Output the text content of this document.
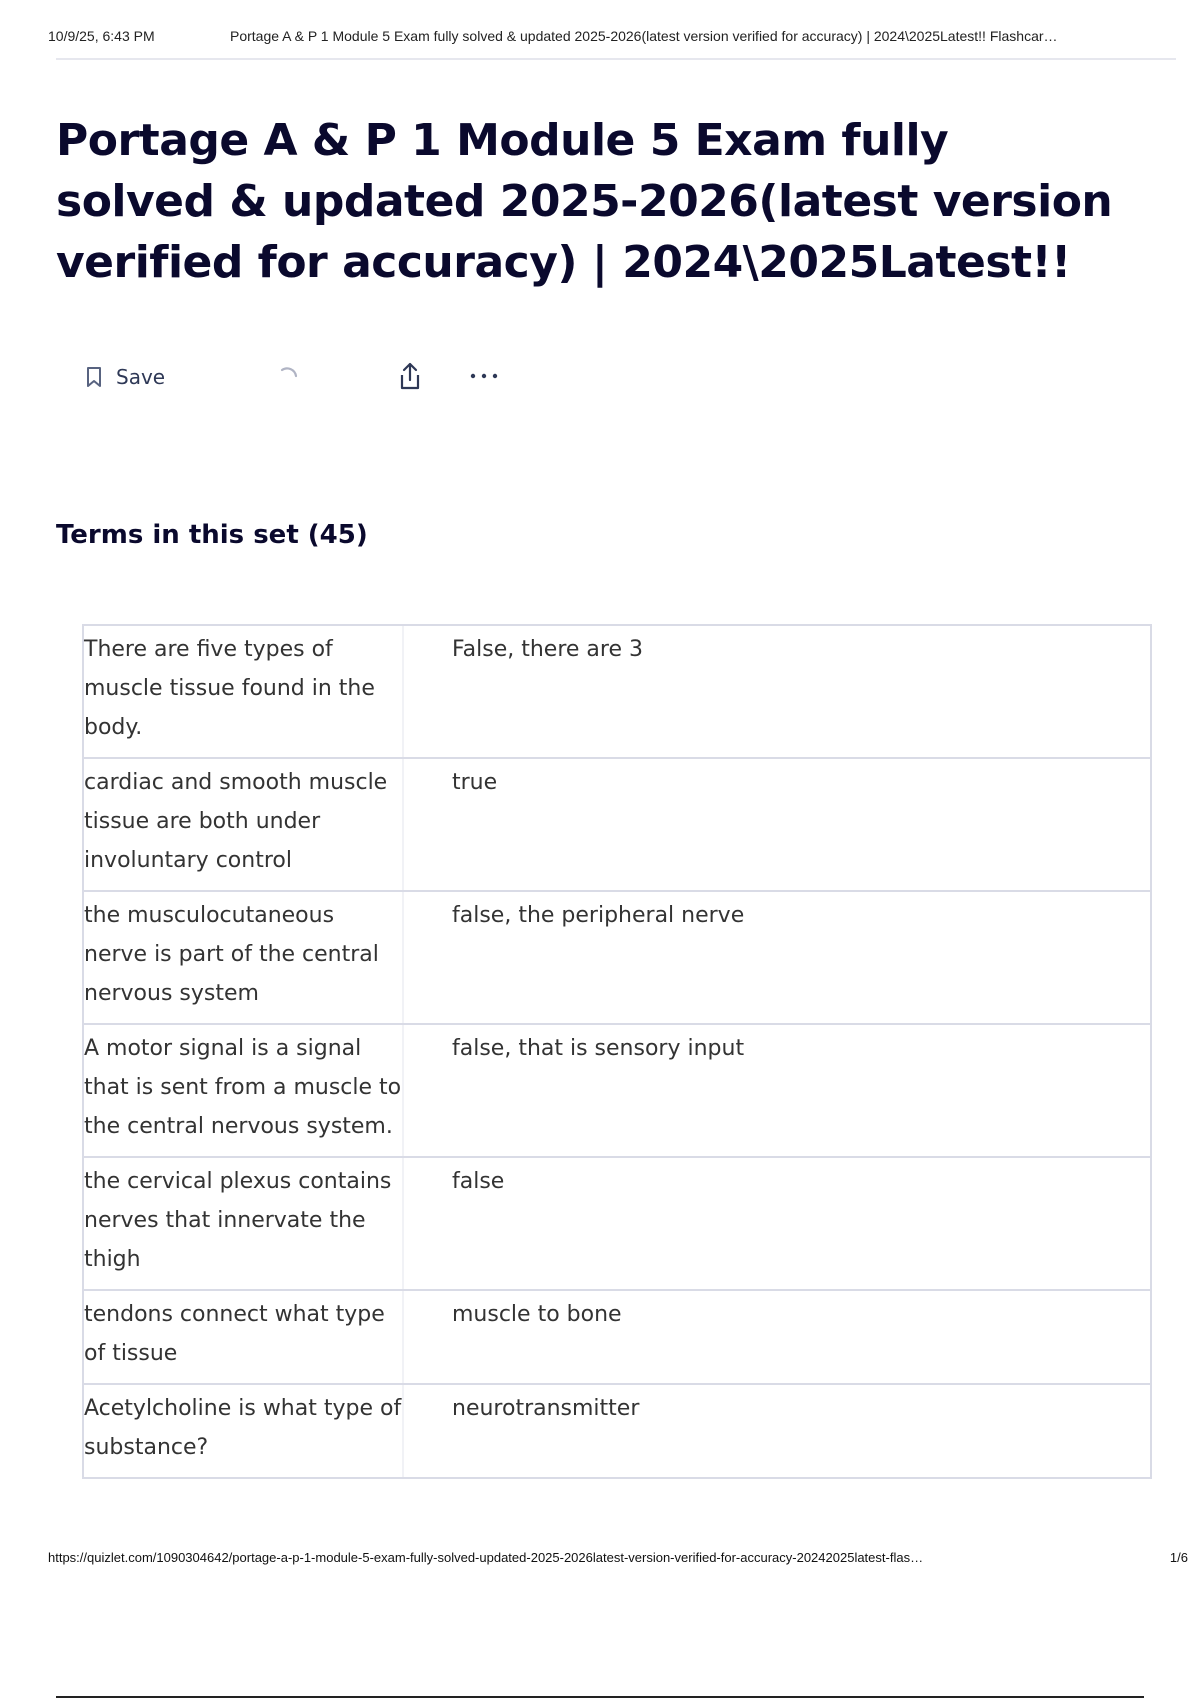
10/9/25, 6:43 PM	Portage A & P 1 Module 5 Exam fully solved & updated 2025-2026(latest version verified for accuracy) | 2024\2025Latest!! Flashcar…
Portage A & P 1 Module 5 Exam fully solved & updated 2025-2026(latest version verified for accuracy) | 2024\2025Latest!!
Save
Terms in this set (45)
There are five types of muscle tissue found in the body.
False, there are 3
cardiac and smooth muscle tissue are both under involuntary control
true
the musculocutaneous nerve is part of the central nervous system
false, the peripheral nerve
A motor signal is a signal that is sent from a muscle to the central nervous system.
false, that is sensory input
the cervical plexus contains nerves that innervate the thigh
false
tendons connect what type of tissue
muscle to bone
Acetylcholine is what type of substance?
neurotransmitter
https://quizlet.com/1090304642/portage-a-p-1-module-5-exam-fully-solved-updated-2025-2026latest-version-verified-for-accuracy-20242025latest-flas…	1/6
